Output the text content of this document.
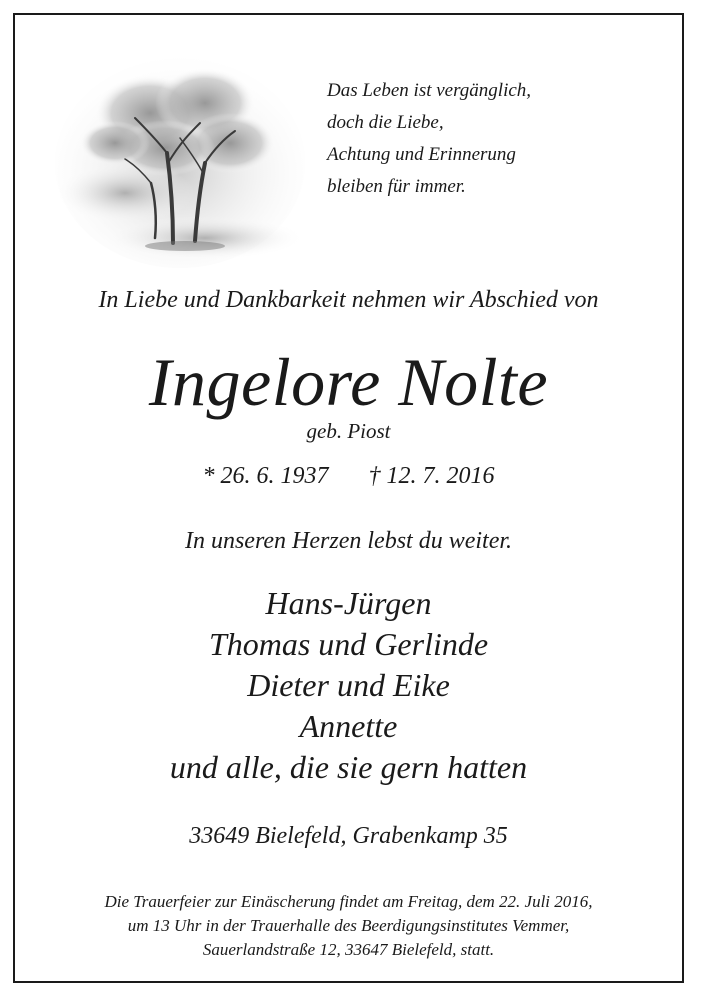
Das Leben ist vergänglich,
doch die Liebe,
Achtung und Erinnerung
bleiben für immer.
In Liebe und Dankbarkeit nehmen wir Abschied von
Ingelore Nolte
geb. Piost
* 26. 6. 1937 † 12. 7. 2016
In unseren Herzen lebst du weiter.
Hans-Jürgen
Thomas und Gerlinde
Dieter und Eike
Annette
und alle, die sie gern hatten
33649 Bielefeld, Grabenkamp 35
Die Trauerfeier zur Einäscherung findet am Freitag, dem 22. Juli 2016,
um 13 Uhr in der Trauerhalle des Beerdigungsinstitutes Vemmer,
Sauerlandstraße 12, 33647 Bielefeld, statt.
